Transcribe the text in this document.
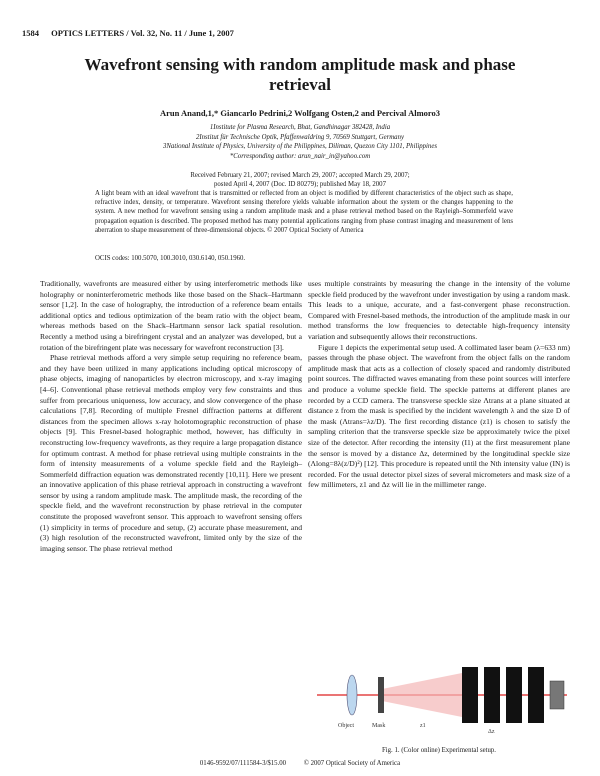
1584 OPTICS LETTERS / Vol. 32, No. 11 / June 1, 2007
Wavefront sensing with random amplitude mask and phase retrieval
Arun Anand,1,* Giancarlo Pedrini,2 Wolfgang Osten,2 and Percival Almoro3
1Institute for Plasma Research, Bhat, Gandhinagar 382428, India
2Institut für Technische Optik, Pfaffenwaldring 9, 70569 Stuttgart, Germany
3National Institute of Physics, University of the Philippines, Diliman, Quezon City 1101, Philippines
*Corresponding author: arun_nair_in@yahoo.com
Received February 21, 2007; revised March 29, 2007; accepted March 29, 2007;
posted April 4, 2007 (Doc. ID 80279); published May 18, 2007
A light beam with an ideal wavefront that is transmitted or reflected from an object is modified by different characteristics of the object such as shape, refractive index, density, or temperature. Wavefront sensing therefore yields valuable information about the system or the changes happening to the system. A new method for wavefront sensing using a random amplitude mask and a phase retrieval method based on the Rayleigh–Sommerfeld wave propagation equation is described. The proposed method has many potential applications ranging from phase contrast imaging and measurement of lens aberration to shape measurement of three-dimensional objects. © 2007 Optical Society of America
OCIS codes: 100.5070, 100.3010, 030.6140, 050.1960.

Traditionally, wavefronts are measured either by using interferometric methods like holography or noninterferometric methods like those based on the Shack–Hartmann sensor [1,2]. In the case of holography, the introduction of a reference beam entails additional optics and tedious optimization of the beam ratio with the object beam, whereas methods based on the Shack–Hartmann sensor lack spatial resolution. Recently a method using a birefringent crystal and an analyzer was developed, but a rotation of the birefringent plate was necessary for wavefront reconstruction [3].

Phase retrieval methods afford a very simple setup requiring no reference beam, and they have been utilized in many applications including optical microscopy of phase objects, imaging of nanoparticles by electron microscopy, and x-ray imaging [4–6]. Conventional phase retrieval methods employ very few constraints and thus suffer from precarious uniqueness, low accuracy, and slow convergence of the phase calculations [7,8]. Recording of multiple Fresnel diffraction patterns at different distances from the specimen allows x-ray holotomographic reconstruction of phase objects [9]. This Fresnel-based holographic method, however, has difficulty in reconstructing low-frequency wavefronts, as they require a large propagation distance for optimum contrast. A method for phase retrieval using multiple constraints in the form of intensity measurements of a volume speckle field and the Rayleigh–Sommerfeld diffraction equation was demonstrated recently [10,11]. Here we present an innovative application of this phase retrieval approach in constructing a wavefront sensor by using a random amplitude mask. The amplitude mask, the recording of the speckle field, and the wavefront reconstruction by phase retrieval in the computer constitute the proposed wavefront sensor. This approach to wavefront sensing offers (1) simplicity in terms of procedure and setup, (2) accurate phase measurement, and (3) high resolution of the reconstructed wavefront, limited only by the size of the imaging sensor. The phase retrieval method

uses multiple constraints by measuring the change in the intensity of the volume speckle field produced by the wavefront under investigation by using a random mask. This leads to a unique, accurate, and a fast-convergent phase reconstruction. Compared with Fresnel-based methods, the introduction of the amplitude mask in our method transforms the low frequencies to detectable high-frequency intensity variation and subsequently allows their reconstructions.

Figure 1 depicts the experimental setup used. A collimated laser beam (λ=633 nm) passes through the phase object. The wavefront from the object falls on the random amplitude mask that acts as a collection of closely spaced and randomly distributed point sources. The diffracted waves emanating from these point sources will interfere and produce a volume speckle field. The speckle patterns at different planes are recorded by a CCD camera. The transverse speckle size Λtrans at a plane situated at distance z from the mask is specified by the incident wavelength λ and the size D of the mask (Λtrans=λz/D). The first recording distance (z1) is chosen to satisfy the sampling criterion that the transverse speckle size be approximately twice the pixel size of the detector. After recording the intensity (I1) at the first measurement plane the sensor is moved by a distance Δz, determined by the longitudinal speckle size (Λlong=8λ(z/D)²) [12]. This procedure is repeated until the Nth intensity value (IN) is recorded. For the usual detector pixel sizes of several micrometers and mask size of a few millimeters, z1 and Δz will lie in the millimeter range.

Object	Mask	z1
Δz
Fig. 1. (Color online) Experimental setup.
0146-9592/07/111584-3/$15.00	© 2007 Optical Society of America
